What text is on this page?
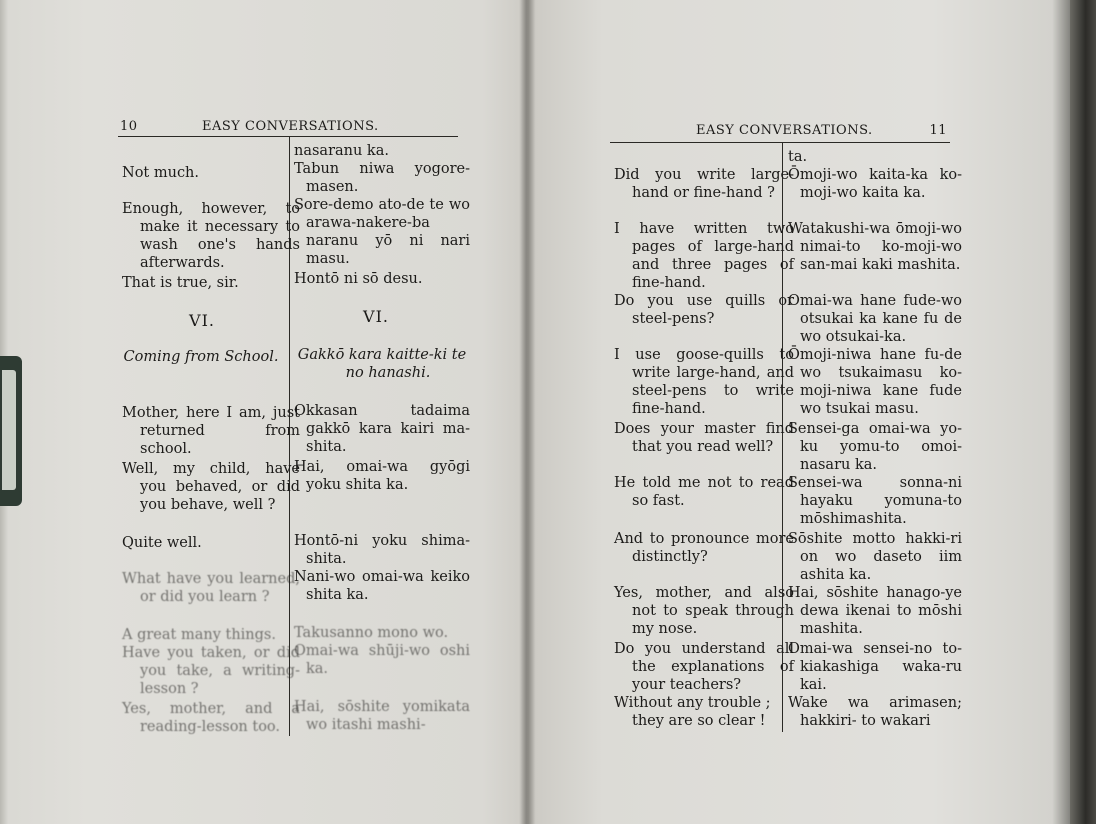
10	EASY CONVERSATIONS.
Not much.
Enough, however, to make it necessary to wash one's hands afterwards.
That is true, sir.
VI.
Coming from School.
Mother, here I am, just returned from school.
Well, my child, have you behaved, or did you behave, well ?
Quite well.
What have you learned, or did you learn ?
A great many things.
Have you taken, or did you take, a writing-lesson ?
Yes, mother, and a reading-lesson too.
nasaranu ka.
Tabun niwa yogore-masen.
Sore-demo ato-de te wo arawa-nakere-ba naranu yō ni nari masu.
Hontō ni sō desu.
VI.
Gakkō kara kaitte-ki te no hanashi.
Okkasan tadaima gakkō kara kairi ma-shita.
Hai, omai-wa gyōgi yoku shita ka.
Hontō-ni yoku shima-shita.
Nani-wo omai-wa keiko shita ka.
Takusanno mono wo.
Omai-wa shūji-wo oshi ka.
Hai, sōshite yomikata wo itashi mashi-
EASY CONVERSATIONS.	11
Did you write large-hand or fine-hand ?
I have written two pages of large-hand and three pages of fine-hand.
Do you use quills or steel-pens?
I use goose-quills to write large-hand, and steel-pens to write fine-hand.
Does your master find that you read well?
He told me not to read so fast.
And to pronounce more distinctly?
Yes, mother, and also not to speak through my nose.
Do you understand all the explanations of your teachers?
Without any trouble ; they are so clear !
ta.
Ōmoji-wo kaita-ka ko-moji-wo kaita ka.
Watakushi-wa ōmoji-wo nimai-to ko-moji-wo san-mai kaki mashita.
Omai-wa hane fude-wo otsukai ka kane fu de wo otsukai-ka.
Ōmoji-niwa hane fu-de wo tsukaimasu ko-moji-niwa kane fude wo tsukai masu.
Sensei-ga omai-wa yo-ku yomu-to omoi-nasaru ka.
Sensei-wa sonna-ni hayaku yomuna-to mōshimashita.
Sōshite motto hakki-ri on wo daseto iim ashita ka.
Hai, sōshite hanago-ye dewa ikenai to mōshi mashita.
Omai-wa sensei-no to-kiakashiga waka-ru kai.
Wake wa arimasen; hakkiri- to wakari
